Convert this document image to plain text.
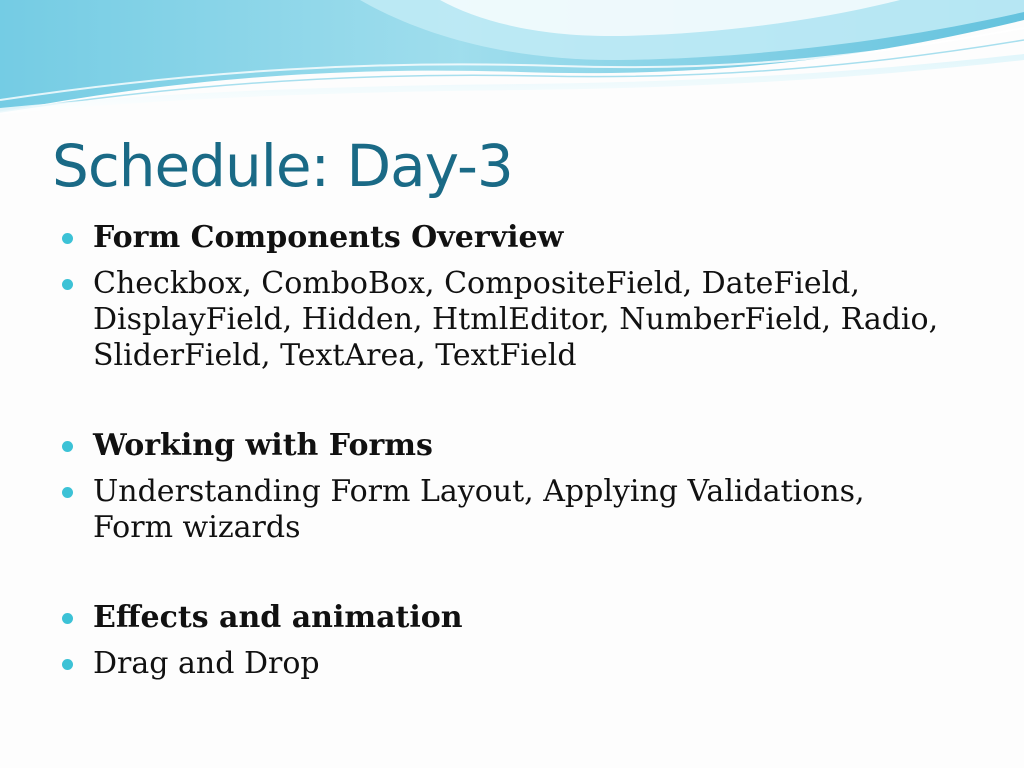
Schedule: Day-3
Form Components Overview
Checkbox, ComboBox, CompositeField, DateField, DisplayField, Hidden, HtmlEditor, NumberField, Radio, SliderField, TextArea, TextField
Working with Forms
Understanding Form Layout, Applying Validations, Form wizards
Effects and animation
Drag and Drop
